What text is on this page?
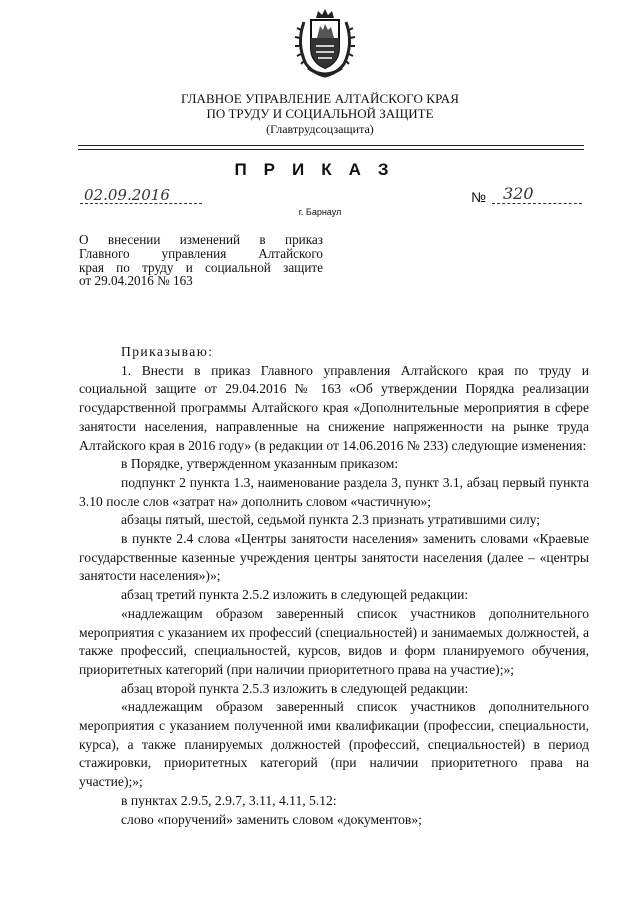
ГЛАВНОЕ УПРАВЛЕНИЕ АЛТАЙСКОГО КРАЯ
ПО ТРУДУ И СОЦИАЛЬНОЙ ЗАЩИТЕ
(Главтрудсоцзащита)
ПРИКАЗ
02.09.2016	№ 320
г. Барнаул
О внесении изменений в приказ
Главного управления Алтайского
края по труду и социальной защите
от 29.04.2016 № 163

Приказываю:

1. Внести в приказ Главного управления Алтайского края по труду и социальной защите от 29.04.2016 № 163 «Об утверждении Порядка реализации государственной программы Алтайского края «Дополнительные мероприятия в сфере занятости населения, направленные на снижение напряженности на рынке труда Алтайского края в 2016 году» (в редакции от 14.06.2016 № 233) следующие изменения:

в Порядке, утвержденном указанным приказом:

подпункт 2 пункта 1.3, наименование раздела 3, пункт 3.1, абзац первый пункта 3.10 после слов «затрат на» дополнить словом «частичную»;

абзацы пятый, шестой, седьмой пункта 2.3 признать утратившими силу;

в пункте 2.4 слова «Центры занятости населения» заменить словами «Краевые государственные казенные учреждения центры занятости населения (далее – «центры занятости населения»)»;

абзац третий пункта 2.5.2 изложить в следующей редакции:

«надлежащим образом заверенный список участников дополнительного мероприятия с указанием их профессий (специальностей) и занимаемых должностей, а также профессий, специальностей, курсов, видов и форм планируемого обучения, приоритетных категорий (при наличии приоритетного права на участие);»;

абзац второй пункта 2.5.3 изложить в следующей редакции:

«надлежащим образом заверенный список участников дополнительного мероприятия с указанием полученной ими квалификации (профессии, специальности, курса), а также планируемых должностей (профессий, специальностей) в период стажировки, приоритетных категорий (при наличии приоритетного права на участие);»;

в пунктах 2.9.5, 2.9.7, 3.11, 4.11, 5.12:

слово «поручений» заменить словом «документов»;
